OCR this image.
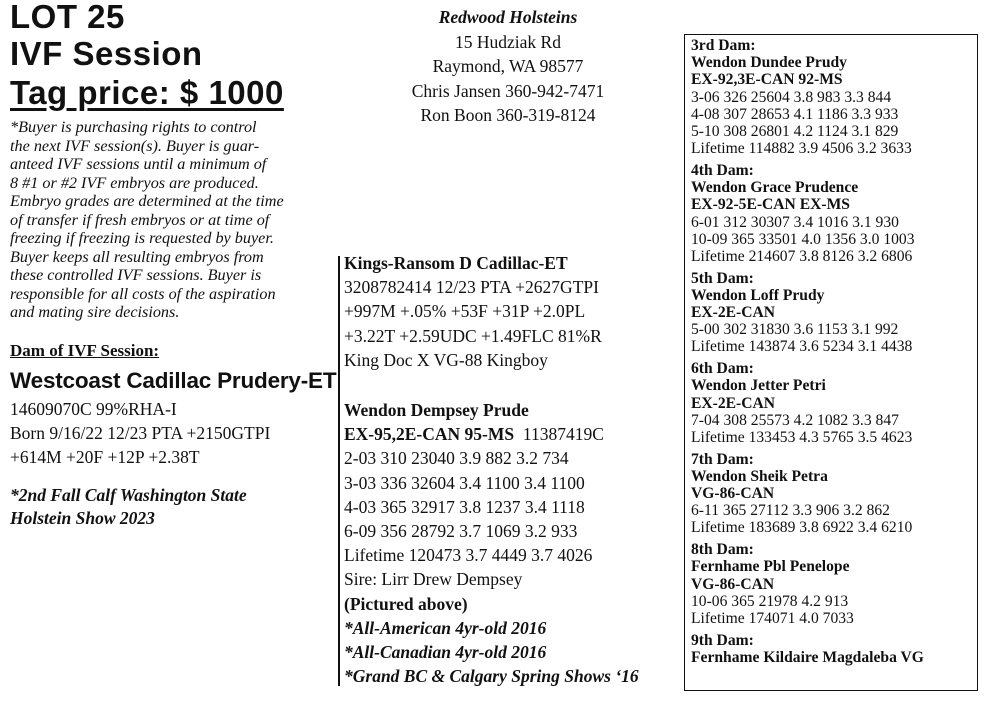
LOT 25
IVF Session
Tag price: $ 1000
*Buyer is purchasing rights to control
the next IVF session(s). Buyer is guar-
anteed IVF sessions until a minimum of
8 #1 or #2 IVF embryos are produced.
Embryo grades are determined at the time
of transfer if fresh embryos or at time of
freezing if freezing is requested by buyer.
Buyer keeps all resulting embryos from
these controlled IVF sessions. Buyer is
responsible for all costs of the aspiration
and mating sire decisions.
Dam of IVF Session:
Westcoast Cadillac Prudery-ET
14609070C 99%RHA-I
Born 9/16/22 12/23 PTA +2150GTPI
+614M +20F +12P +2.38T
*2nd Fall Calf Washington State
Holstein Show 2023
Redwood Holsteins
15 Hudziak Rd
Raymond, WA 98577
Chris Jansen 360-942-7471
Ron Boon 360-319-8124
Kings-Ransom D Cadillac-ET
3208782414 12/23 PTA +2627GTPI
+997M +.05% +53F +31P +2.0PL
+3.22T +2.59UDC +1.49FLC 81%R
King Doc X VG-88 Kingboy
Wendon Dempsey Prude
EX-95,2E-CAN 95-MS  11387419C
2-03 310 23040 3.9 882 3.2 734
3-03 336 32604 3.4 1100 3.4 1100
4-03 365 32917 3.8 1237 3.4 1118
6-09 356 28792 3.7 1069 3.2 933
Lifetime 120473 3.7 4449 3.7 4026
Sire: Lirr Drew Dempsey
(Pictured above)
*All-American 4yr-old 2016
*All-Canadian 4yr-old 2016
*Grand BC & Calgary Spring Shows ‘16
3rd Dam:
Wendon Dundee Prudy
EX-92,3E-CAN 92-MS
3-06 326 25604 3.8 983 3.3 844
4-08 307 28653 4.1 1186 3.3 933
5-10 308 26801 4.2 1124 3.1 829
Lifetime 114882 3.9 4506 3.2 3633
4th Dam:
Wendon Grace Prudence
EX-92-5E-CAN EX-MS
6-01 312 30307 3.4 1016 3.1 930
10-09 365 33501 4.0 1356 3.0 1003
Lifetime 214607 3.8 8126 3.2 6806
5th Dam:
Wendon Loff Prudy
EX-2E-CAN
5-00 302 31830 3.6 1153 3.1 992
Lifetime 143874 3.6 5234 3.1 4438
6th Dam:
Wendon Jetter Petri
EX-2E-CAN
7-04 308 25573 4.2 1082 3.3 847
Lifetime 133453 4.3 5765 3.5 4623
7th Dam:
Wendon Sheik Petra
VG-86-CAN
6-11 365 27112 3.3 906 3.2 862
Lifetime 183689 3.8 6922 3.4 6210
8th Dam:
Fernhame Pbl Penelope
VG-86-CAN
10-06 365 21978 4.2 913
Lifetime 174071 4.0 7033
9th Dam:
Fernhame Kildaire Magdaleba VG
